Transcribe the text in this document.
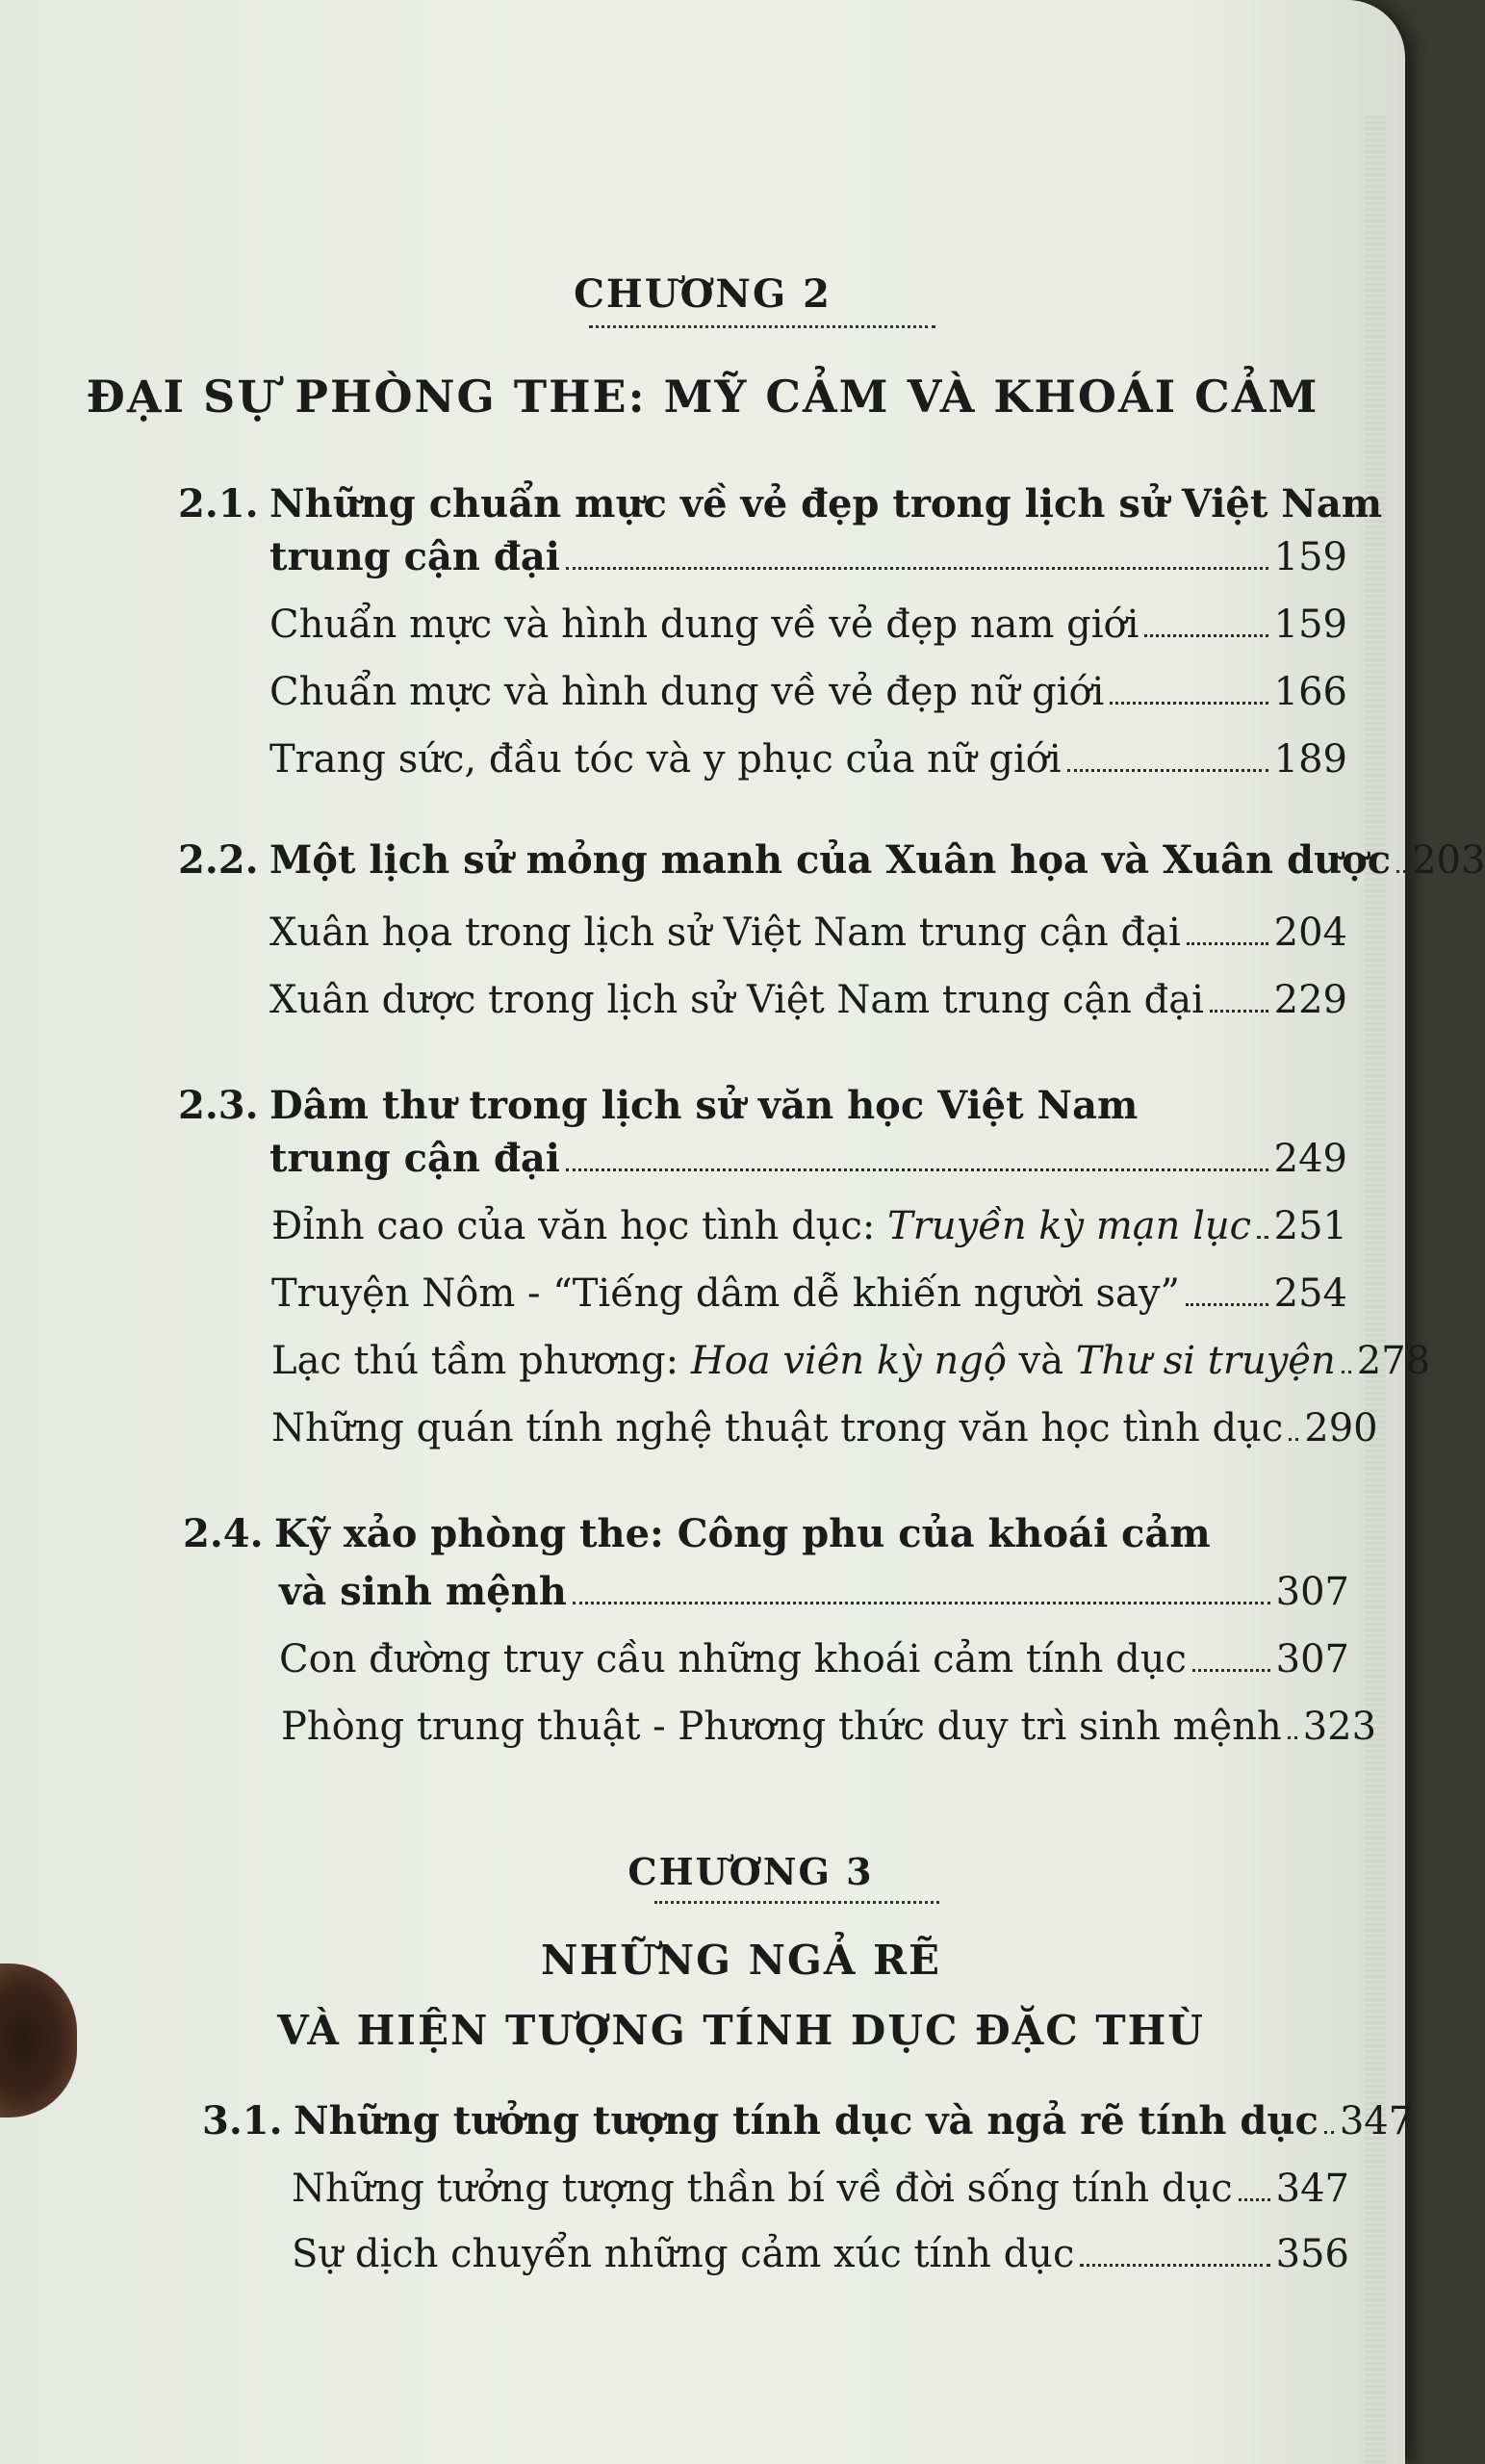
CHƯƠNG 2
ĐẠI SỰ PHÒNG THE: MỸ CẢM VÀ KHOÁI CẢM
2.1. Những chuẩn mực về vẻ đẹp trong lịch sử Việt Nam
trung cận đại	159
Chuẩn mực và hình dung về vẻ đẹp nam giới	159
Chuẩn mực và hình dung về vẻ đẹp nữ giới	166
Trang sức, đầu tóc và y phục của nữ giới	189
2.2. Một lịch sử mỏng manh của Xuân họa và Xuân dược 203
Xuân họa trong lịch sử Việt Nam trung cận đại 204
Xuân dược trong lịch sử Việt Nam trung cận đại 229
2.3. Dâm thư trong lịch sử văn học Việt Nam
trung cận đại	249
Đỉnh cao của văn học tình dục: Truyền kỳ mạn lục 251
Truyện Nôm - “Tiếng dâm dễ khiến người say” 254
Lạc thú tầm phương: Hoa viên kỳ ngộ và Thư si truyện 278
Những quán tính nghệ thuật trong văn học tình dục 290
2.4. Kỹ xảo phòng the: Công phu của khoái cảm
và sinh mệnh	307
Con đường truy cầu những khoái cảm tính dục 307
Phòng trung thuật - Phương thức duy trì sinh mệnh 323
CHƯƠNG 3
NHỮNG NGẢ RẼ
VÀ HIỆN TƯỢNG TÍNH DỤC ĐẶC THÙ
3.1. Những tưởng tượng tính dục và ngả rẽ tính dục 347
Những tưởng tượng thần bí về đời sống tính dục 347
Sự dịch chuyển những cảm xúc tính dục	356
